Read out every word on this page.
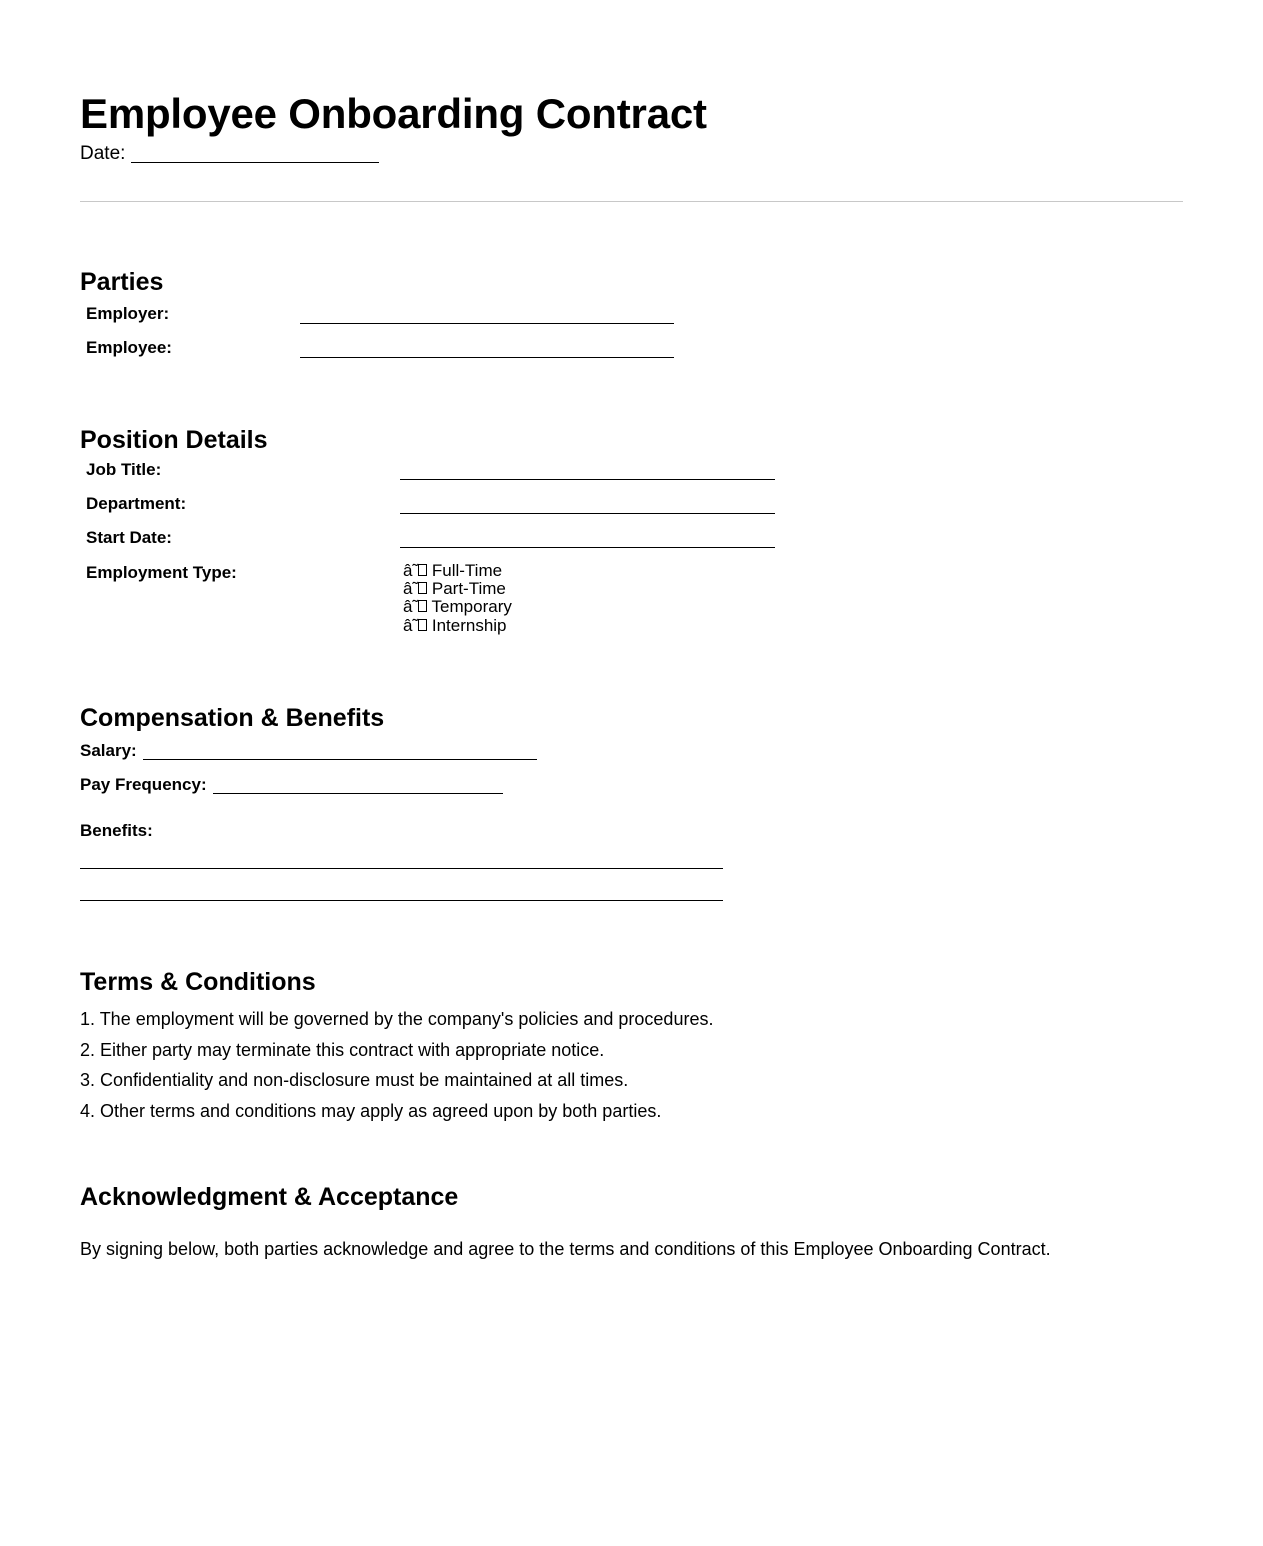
Employee Onboarding Contract
Date:
Parties
Employer:
Employee:
Position Details
Job Title:
Department:
Start Date:
Employment Type:	â˜ Full-Time
â˜ Part-Time
â˜ Temporary
â˜ Internship
Compensation & Benefits
Salary:
Pay Frequency:
Benefits:
Terms & Conditions
1. The employment will be governed by the company's policies and procedures.
2. Either party may terminate this contract with appropriate notice.
3. Confidentiality and non-disclosure must be maintained at all times.
4. Other terms and conditions may apply as agreed upon by both parties.
Acknowledgment & Acceptance

By signing below, both parties acknowledge and agree to the terms and conditions of this Employee Onboarding Contract.
